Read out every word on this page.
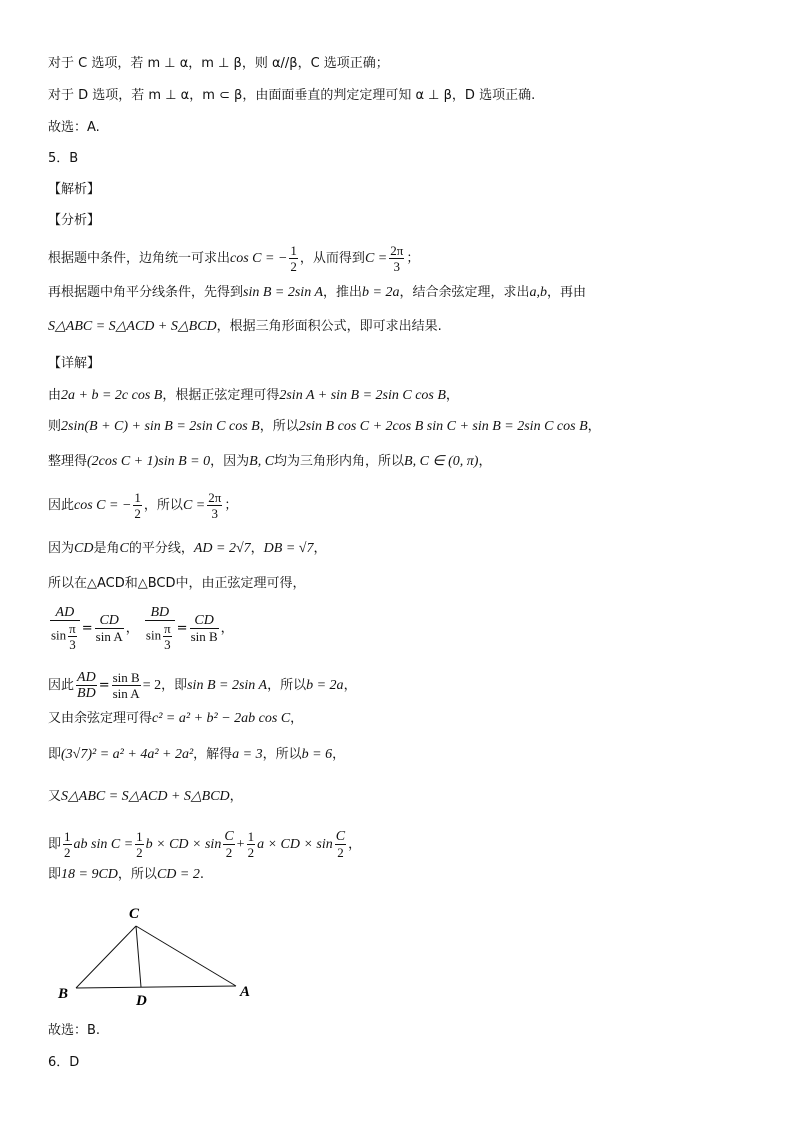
对于 C 选项，若 m ⊥ α，m ⊥ β，则 α//β，C 选项正确；
对于 D 选项，若 m ⊥ α，m ⊂ β，由面面垂直的判定定理可知 α ⊥ β，D 选项正确.
故选：A.
5．B
【解析】
【分析】
根据题中条件，边角统一可求出cos C = − $\frac{1}{2}$ ，从而得到$C = \frac{2\pi}{3}$ ；
再根据题中角平分线条件，先得到sin B = 2sin A，推出b = 2a，结合余弦定理，求出a,b，再由
S△ABC = S△ACD + S△BCD，根据三角形面积公式，即可求出结果.
【详解】
由2a + b = 2c cos B，根据正弦定理可得2sin A + sin B = 2sin C cos B，
则2sin(B + C) + sin B = 2sin C cos B，所以2sin B cos C + 2cos B sin C + sin B = 2sin C cos B，
整理得(2cos C + 1)sin B = 0，因为B, C均为三角形内角，所以B, C ∈ (0, π)，
因此cos C = − $\frac{1}{2}$ ，所以$C = \frac{2\pi}{3}$ ；
因为CD是角C的平分线，AD = 2√7，DB = √7，
所以在△ACD和△BCD中，由正弦定理可得，
$\frac{AD}{\sin \frac{\pi}{3}} = \frac{CD}{\text{sin A}}$ ， $\frac{BD}{\sin \frac{\pi}{3}} = \frac{CD}{\text{sin B}}$ ，
因此 $\frac{AD}{BD} = \frac{\text{sin B}}{\text{sin A}} = 2$，即sin B = 2sin A，所以b = 2a，
又由余弦定理可得c² = a² + b² − 2ab cos C，
即(3√7)² = a² + 4a² + 2a²，解得a = 3，所以b = 6，
又S△ABC = S△ACD + S△BCD，
即 $\frac{1}{2}$ ab $\sin C = \frac{1}{2}$ b × CD × $\sin \frac{C}{2} + \frac{1}{2}$ a × CD × $\sin \frac{C}{2}$ ，
即18 = 9CD，所以CD = 2.
C
B	D
A
故选：B.
6．D
